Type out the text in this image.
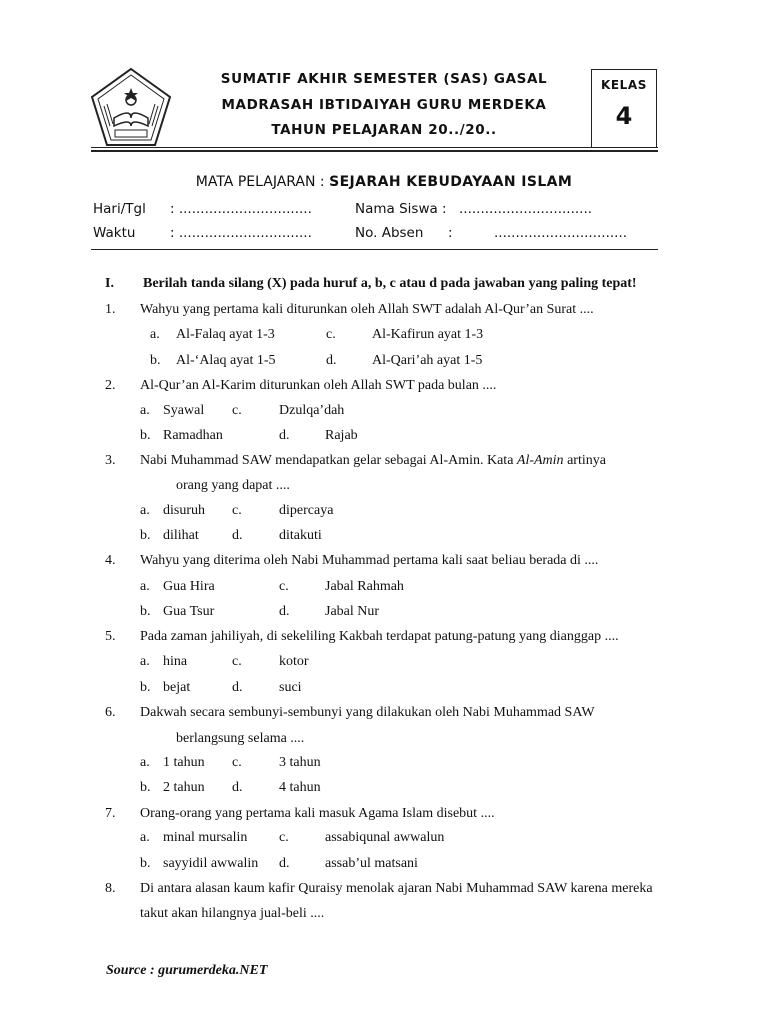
SUMATIF AKHIR SEMESTER (SAS) GASAL
MADRASAH IBTIDAIYAH GURU MERDEKA
TAHUN PELAJARAN 20../20..
KELAS
4
MATA PELAJARAN : SEJARAH KEBUDAYAAN ISLAM
Hari/Tgl : ...............................	Nama Siswa : ...............................
Waktu	: ...............................	No. Absen :	...............................
I. Berilah tanda silang (X) pada huruf a, b, c atau d pada jawaban yang paling tepat!
1. Wahyu yang pertama kali diturunkan oleh Allah SWT adalah Al-Qur’an Surat ....
a. Al-Falaq ayat 1-3	c.	Al-Kafirun ayat 1-3
b. Al-‘Alaq ayat 1-5	d.	Al-Qari’ah ayat 1-5
2. Al-Qur’an Al-Karim diturunkan oleh Allah SWT pada bulan ....
a. Syawal c.	Dzulqa’dah
b. Ramadhan	d.	Rajab
3. Nabi Muhammad SAW mendapatkan gelar sebagai Al-Amin. Kata Al-Amin artinya
orang yang dapat ....
a. disuruh c.	dipercaya
b. dilihat d.	ditakuti
4. Wahyu yang diterima oleh Nabi Muhammad pertama kali saat beliau berada di ....
a. Gua Hira	c.	Jabal Rahmah
b. Gua Tsur	d.	Jabal Nur
5. Pada zaman jahiliyah, di sekeliling Kakbah terdapat patung-patung yang dianggap ....
a. hina	c.	kotor
b. bejat	d.	suci
6. Dakwah secara sembunyi-sembunyi yang dilakukan oleh Nabi Muhammad SAW
berlangsung selama ....
a. 1 tahun c.	3 tahun
b. 2 tahun d.	4 tahun
7. Orang-orang yang pertama kali masuk Agama Islam disebut ....
a. minal mursalin c.	assabiqunal awwalun
b. sayyidil awwalin d.	assab’ul matsani
8. Di antara alasan kaum kafir Quraisy menolak ajaran Nabi Muhammad SAW karena mereka
takut akan hilangnya jual-beli ....
Source : gurumerdeka.NET
